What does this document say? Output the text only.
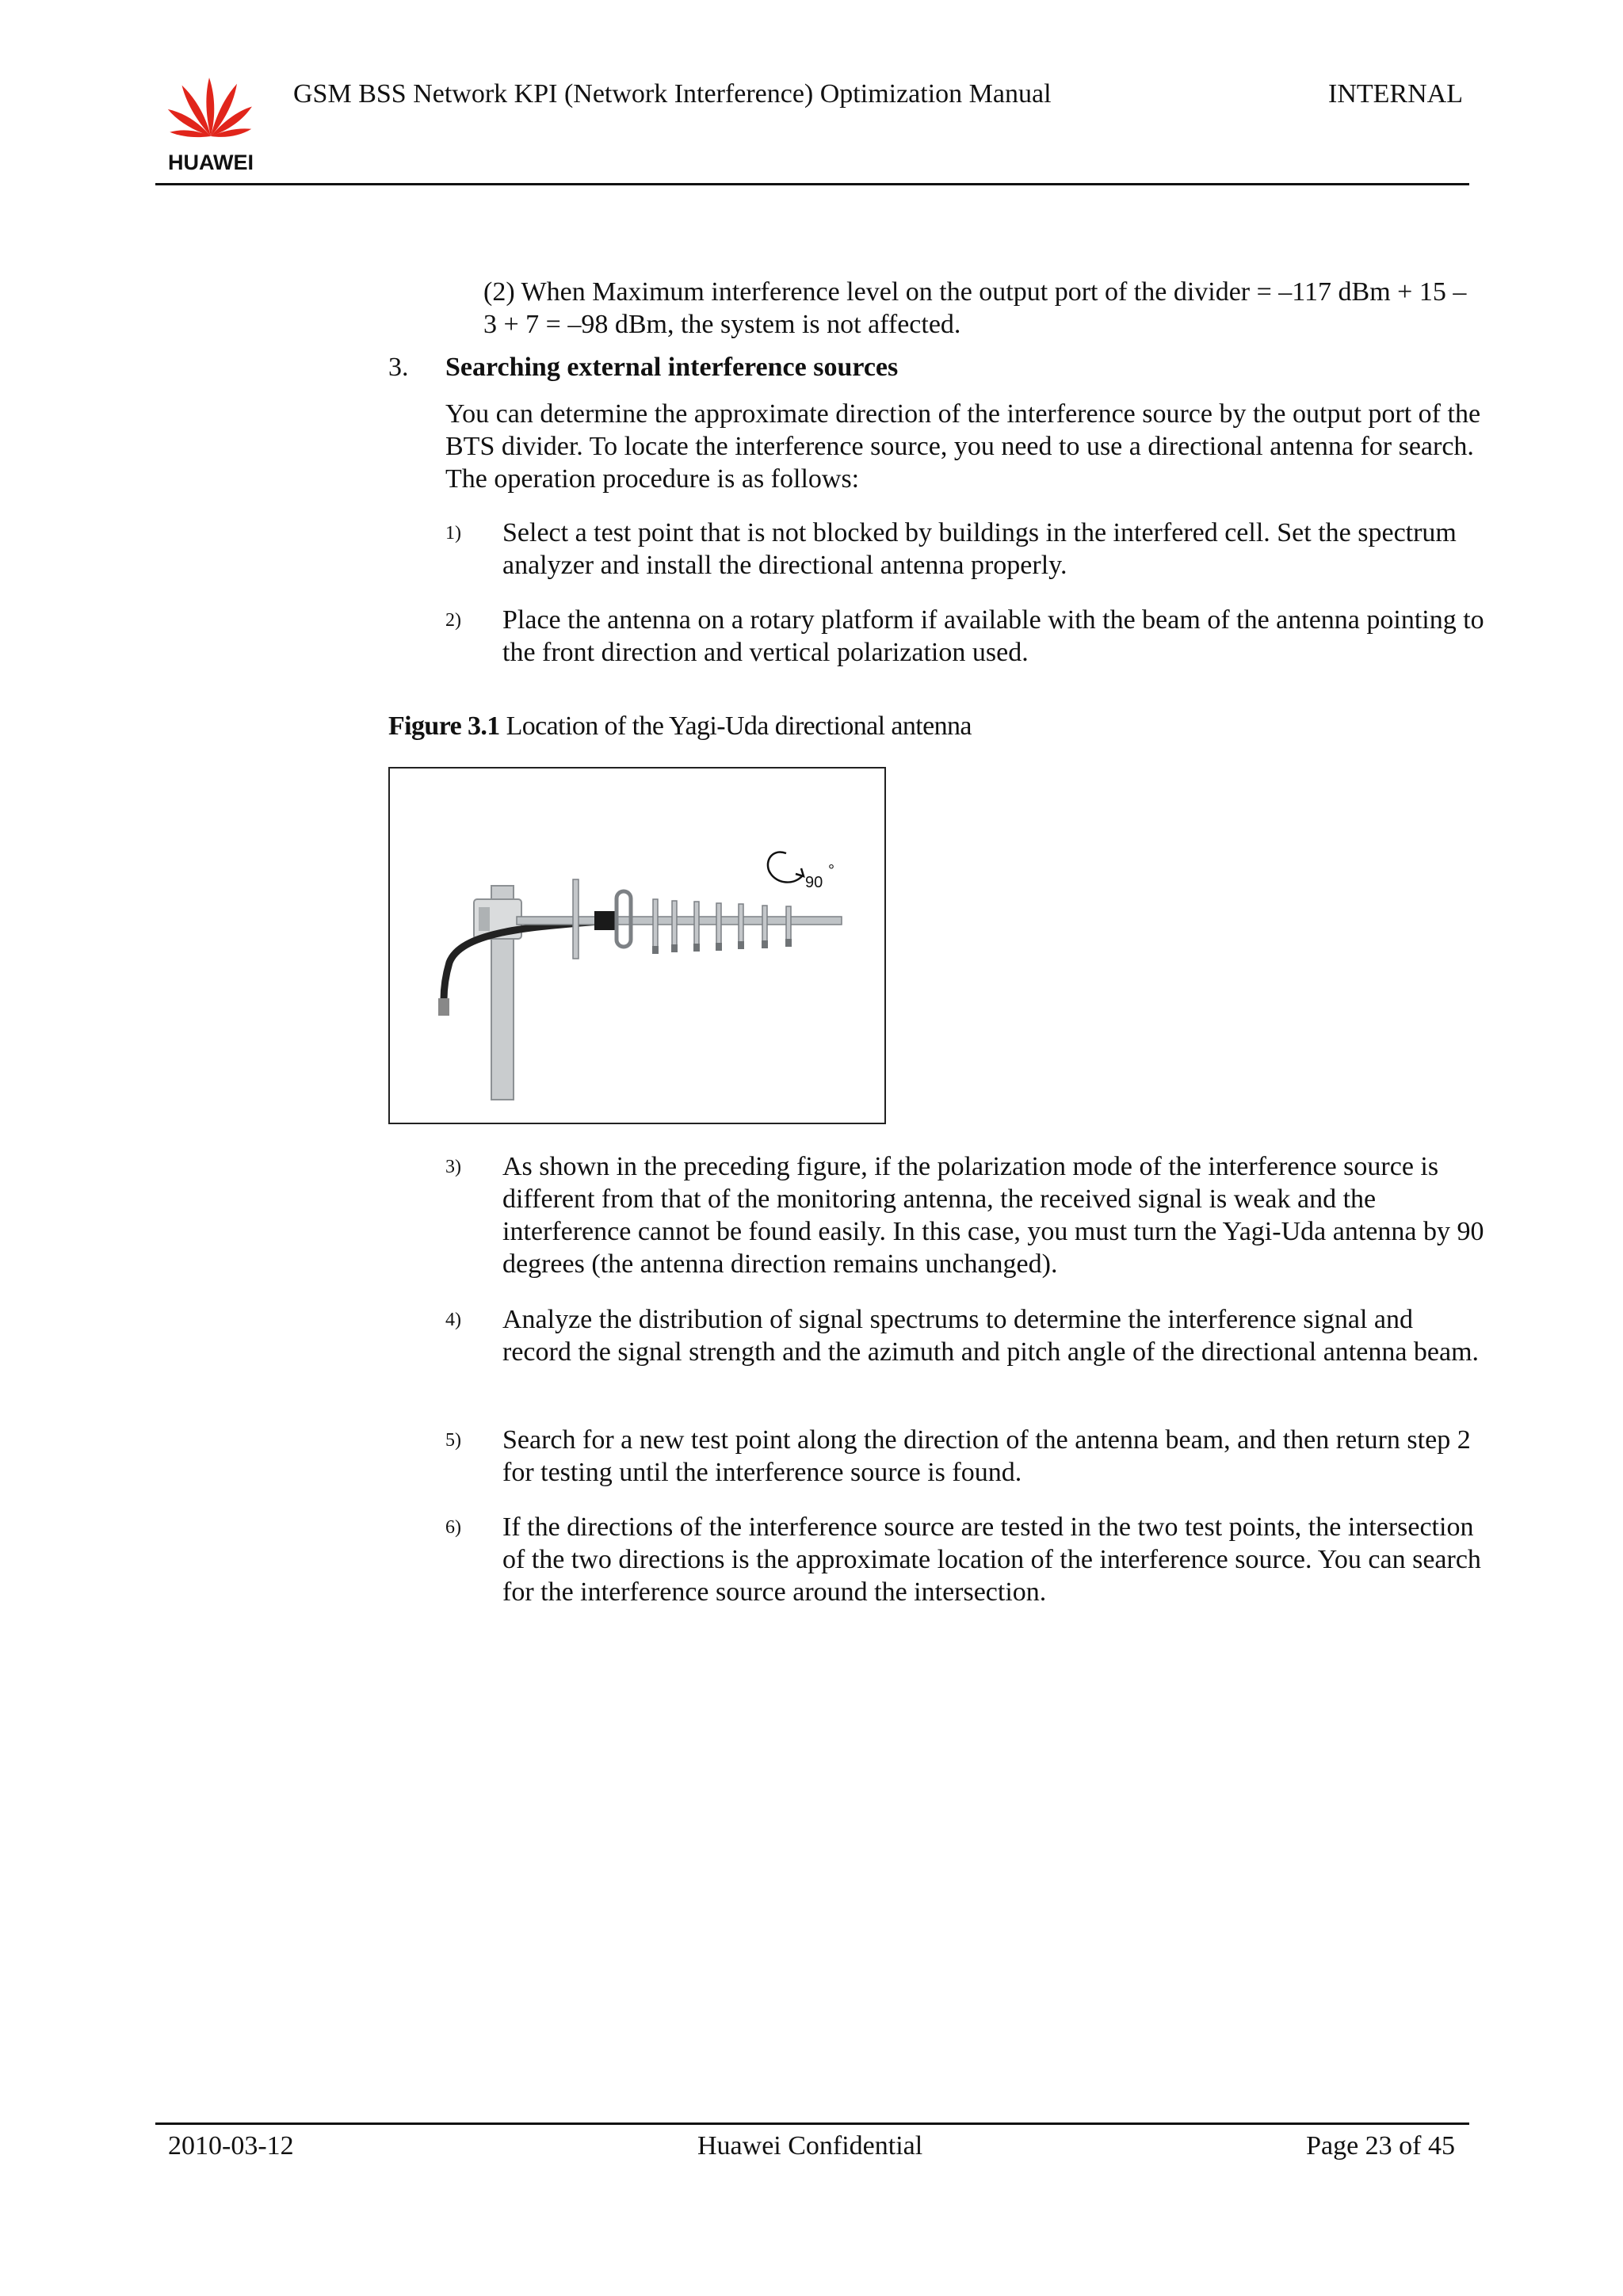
HUAWEI
GSM BSS Network KPI (Network Interference) Optimization Manual	INTERNAL
(2) When Maximum interference level on the output port of the divider = –117 dBm + 15 – 3 + 7 = –98 dBm, the system is not affected.
3. Searching external interference sources
You can determine the approximate direction of the interference source by the output port of the BTS divider. To locate the interference source, you need to use a directional antenna for search. The operation procedure is as follows:
1) Select a test point that is not blocked by buildings in the interfered cell. Set the spectrum analyzer and install the directional antenna properly.
2) Place the antenna on a rotary platform if available with the beam of the antenna pointing to the front direction and vertical polarization used.
Figure 3.1 Location of the Yagi-Uda directional antenna
90
°
3) As shown in the preceding figure, if the polarization mode of the interference source is different from that of the monitoring antenna, the received signal is weak and the interference cannot be found easily. In this case, you must turn the Yagi-Uda antenna by 90 degrees (the antenna direction remains unchanged).
4) Analyze the distribution of signal spectrums to determine the interference signal and record the signal strength and the azimuth and pitch angle of the directional antenna beam.
5) Search for a new test point along the direction of the antenna beam, and then return step 2 for testing until the interference source is found.
6) If the directions of the interference source are tested in the two test points, the intersection of the two directions is the approximate location of the interference source. You can search for the interference source around the intersection.
2010-03-12	Huawei Confidential	Page 23 of 45
